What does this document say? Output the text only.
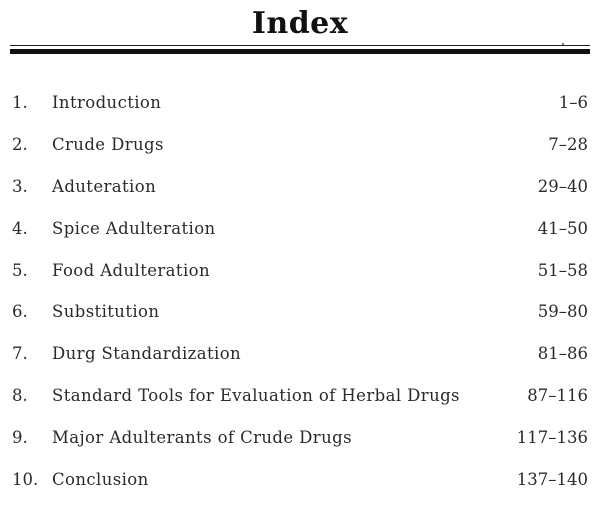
Index
1. Introduction	1–6
2. Crude Drugs	7–28
3. Aduteration	29–40
4. Spice Adulteration	41–50
5. Food Adulteration	51–58
6. Substitution	59–80
7. Durg Standardization	81–86
8. Standard Tools for Evaluation of Herbal Drugs	87–116
9. Major Adulterants of Crude Drugs	117–136
10. Conclusion	137–140
